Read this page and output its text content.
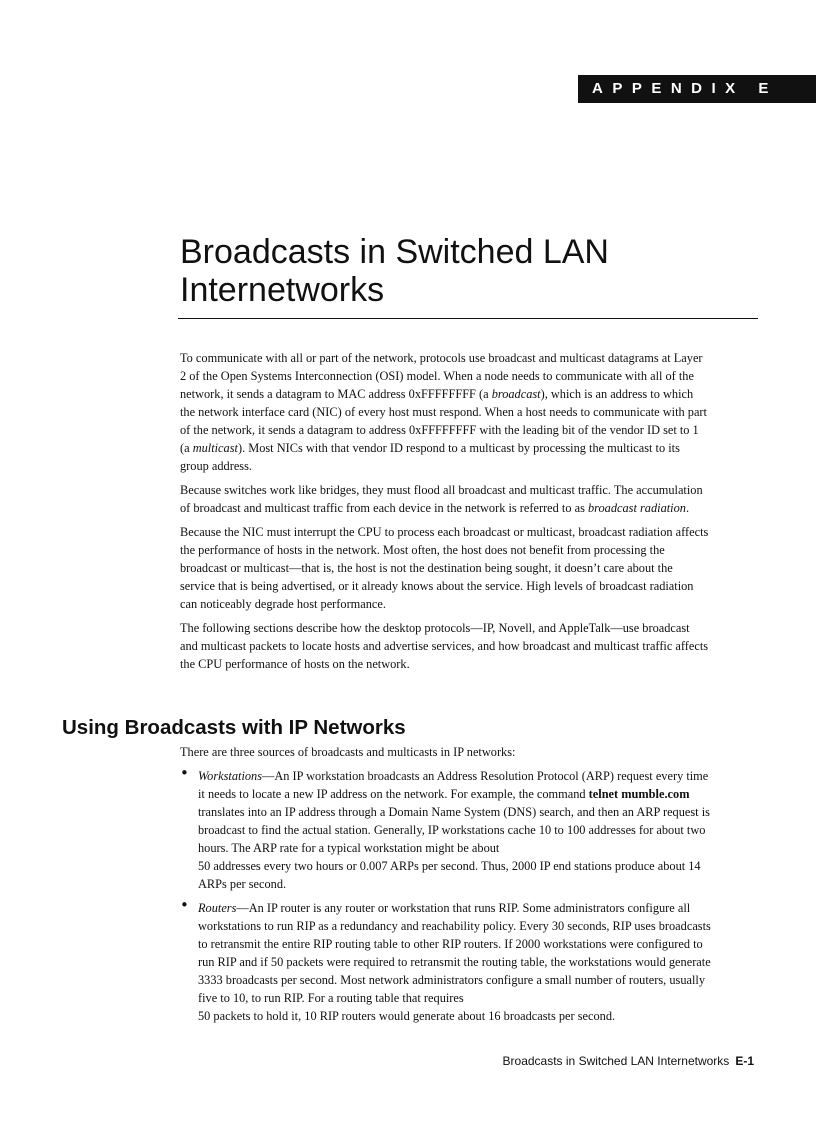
APPENDIX E
Broadcasts in Switched LAN
Internetworks

To communicate with all or part of the network, protocols use broadcast and multicast datagrams at Layer 2 of the Open Systems Interconnection (OSI) model. When a node needs to communicate with all of the network, it sends a datagram to MAC address 0xFFFFFFFF (a broadcast), which is an address to which the network interface card (NIC) of every host must respond. When a host needs to communicate with part of the network, it sends a datagram to address 0xFFFFFFFF with the leading bit of the vendor ID set to 1 (a multicast). Most NICs with that vendor ID respond to a multicast by processing the multicast to its group address.

Because switches work like bridges, they must flood all broadcast and multicast traffic. The accumulation of broadcast and multicast traffic from each device in the network is referred to as broadcast radiation.

Because the NIC must interrupt the CPU to process each broadcast or multicast, broadcast radiation affects the performance of hosts in the network. Most often, the host does not benefit from processing the broadcast or multicast—that is, the host is not the destination being sought, it doesn’t care about the service that is being advertised, or it already knows about the service. High levels of broadcast radiation can noticeably degrade host performance.

The following sections describe how the desktop protocols—IP, Novell, and AppleTalk—use broadcast and multicast packets to locate hosts and advertise services, and how broadcast and multicast traffic affects the CPU performance of hosts on the network.

Using Broadcasts with IP Networks

There are three sources of broadcasts and multicasts in IP networks:

• Workstations—An IP workstation broadcasts an Address Resolution Protocol (ARP) request every time it needs to locate a new IP address on the network. For example, the command telnet mumble.com translates into an IP address through a Domain Name System (DNS) search, and then an ARP request is broadcast to find the actual station. Generally, IP workstations cache 10 to 100 addresses for about two hours. The ARP rate for a typical workstation might be about
50 addresses every two hours or 0.007 ARPs per second. Thus, 2000 IP end stations produce about 14 ARPs per second.
• Routers—An IP router is any router or workstation that runs RIP. Some administrators configure all workstations to run RIP as a redundancy and reachability policy. Every 30 seconds, RIP uses broadcasts to retransmit the entire RIP routing table to other RIP routers. If 2000 workstations were configured to run RIP and if 50 packets were required to retransmit the routing table, the workstations would generate 3333 broadcasts per second. Most network administrators configure a small number of routers, usually five to 10, to run RIP. For a routing table that requires
50 packets to hold it, 10 RIP routers would generate about 16 broadcasts per second.
Broadcasts in Switched LAN Internetworks E-1
